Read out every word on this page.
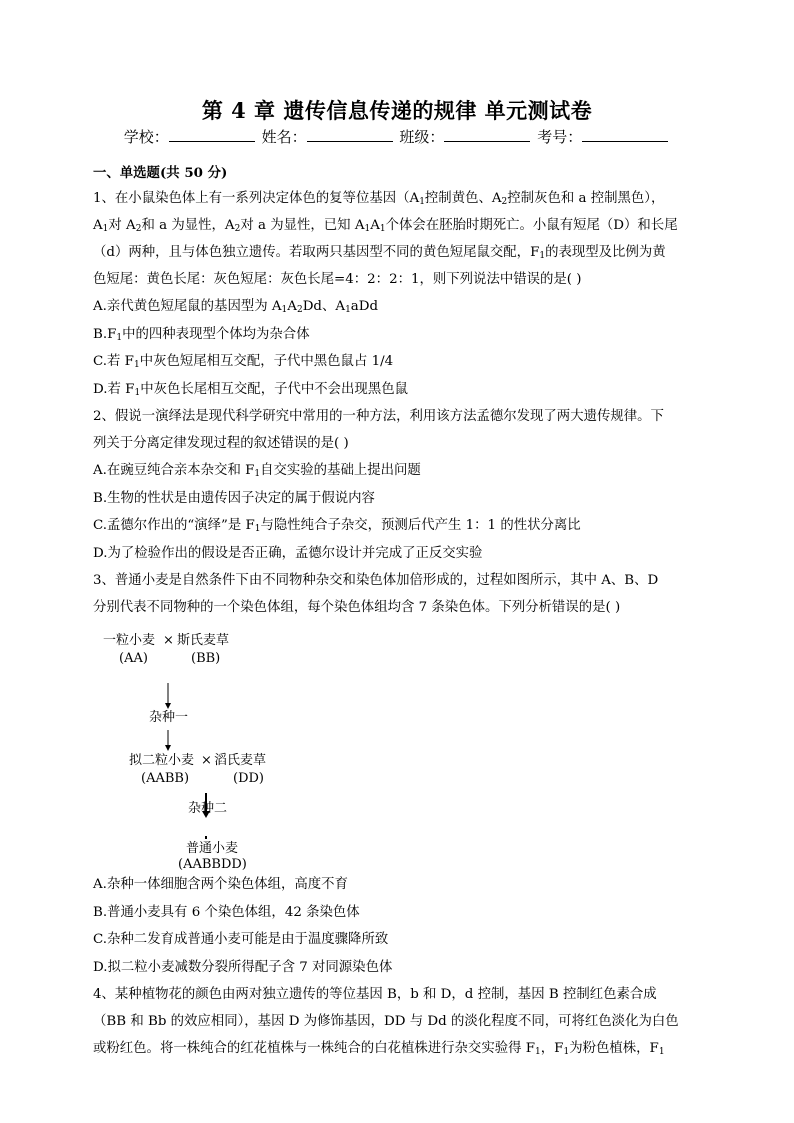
第 4 章 遗传信息传递的规律 单元测试卷
学校：	姓名：	班级：	考号：
一、单选题(共 50 分)
1、在小鼠染色体上有一系列决定体色的复等位基因（$A_1$控制黄色、$A_2$控制灰色和 a 控制黑色），
$A_1$对 $A_2$和 a 为显性，$A_2$对 a 为显性，已知 $A_1A_1$个体会在胚胎时期死亡。小鼠有短尾（D）和长尾
（d）两种，且与体色独立遗传。若取两只基因型不同的黄色短尾鼠交配，$F_1$的表现型及比例为黄
色短尾：黄色长尾：灰色短尾：灰色长尾=4：2：2：1，则下列说法中错误的是( )
A.亲代黄色短尾鼠的基因型为 $A_1A_2Dd$、$A_1aDd$
$B.F_1$中的四种表现型个体均为杂合体
C.若 $F_1$中灰色短尾相互交配，子代中黑色鼠占 1/4
D.若 $F_1$中灰色长尾相互交配，子代中不会出现黑色鼠
2、假说一演绎法是现代科学研究中常用的一种方法，利用该方法孟德尔发现了两大遗传规律。下
列关于分离定律发现过程的叙述错误的是( )
A.在豌豆纯合亲本杂交和 $F_1$自交实验的基础上提出问题
B.生物的性状是由遗传因子决定的属于假说内容
C.孟德尔作出的“演绎”是 $F_1$与隐性纯合子杂交，预测后代产生 1：1 的性状分离比
D.为了检验作出的假设是否正确，孟德尔设计并完成了正反交实验
3、普通小麦是自然条件下由不同物种杂交和染色体加倍形成的，过程如图所示，其中 A、B、D
分别代表不同物种的一个染色体组，每个染色体组均含 7 条染色体。下列分析错误的是( )
一粒小麦 × 斯氏麦草
(AA)	(BB)
杂种一
拟二粒小麦 × 滔氏麦草
(AABB)	(DD)
杂种二
普通小麦
(AABBDD)
A.杂种一体细胞含两个染色体组，高度不育
B.普通小麦具有 6 个染色体组，42 条染色体
C.杂种二发育成普通小麦可能是由于温度骤降所致
D.拟二粒小麦减数分裂所得配子含 7 对同源染色体
4、某种植物花的颜色由两对独立遗传的等位基因 B，b 和 D，d 控制，基因 B 控制红色素合成
（BB 和 Bb 的效应相同），基因 D 为修饰基因，DD 与 Dd 的淡化程度不同，可将红色淡化为白色
或粉红色。将一株纯合的红花植株与一株纯合的白花植株进行杂交实验得 $F_1$，$F_1$为粉色植株，$F_1$
